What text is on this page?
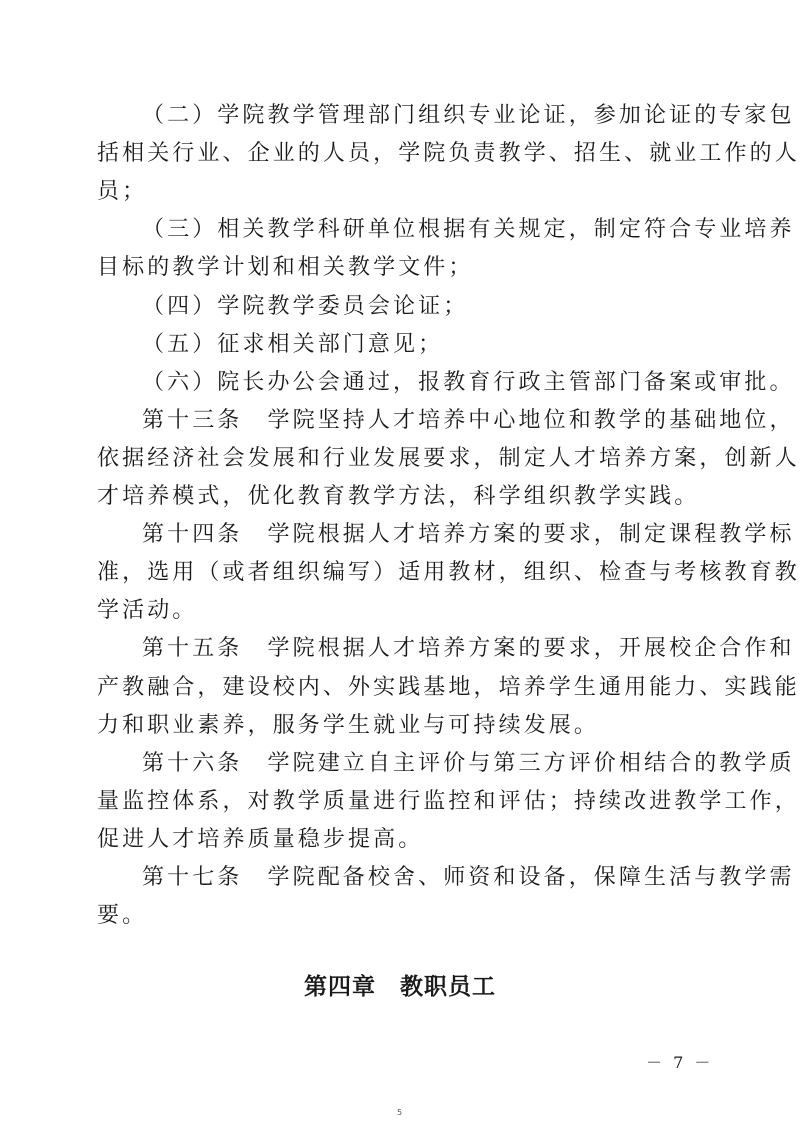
（二）学院教学管理部门组织专业论证，参加论证的专家包
括相关行业、企业的人员，学院负责教学、招生、就业工作的人
员；
（三）相关教学科研单位根据有关规定，制定符合专业培养
目标的教学计划和相关教学文件；
（四）学院教学委员会论证；
（五）征求相关部门意见；
（六）院长办公会通过，报教育行政主管部门备案或审批。
第十三条　学院坚持人才培养中心地位和教学的基础地位，
依据经济社会发展和行业发展要求，制定人才培养方案，创新人
才培养模式，优化教育教学方法，科学组织教学实践。
第十四条　学院根据人才培养方案的要求，制定课程教学标
准，选用（或者组织编写）适用教材，组织、检查与考核教育教
学活动。
第十五条　学院根据人才培养方案的要求，开展校企合作和
产教融合，建设校内、外实践基地，培养学生通用能力、实践能
力和职业素养，服务学生就业与可持续发展。
第十六条　学院建立自主评价与第三方评价相结合的教学质
量监控体系，对教学质量进行监控和评估；持续改进教学工作，
促进人才培养质量稳步提高。
第十七条　学院配备校舍、师资和设备，保障生活与教学需
要。
第四章　教职员工
－ 7 －
5
